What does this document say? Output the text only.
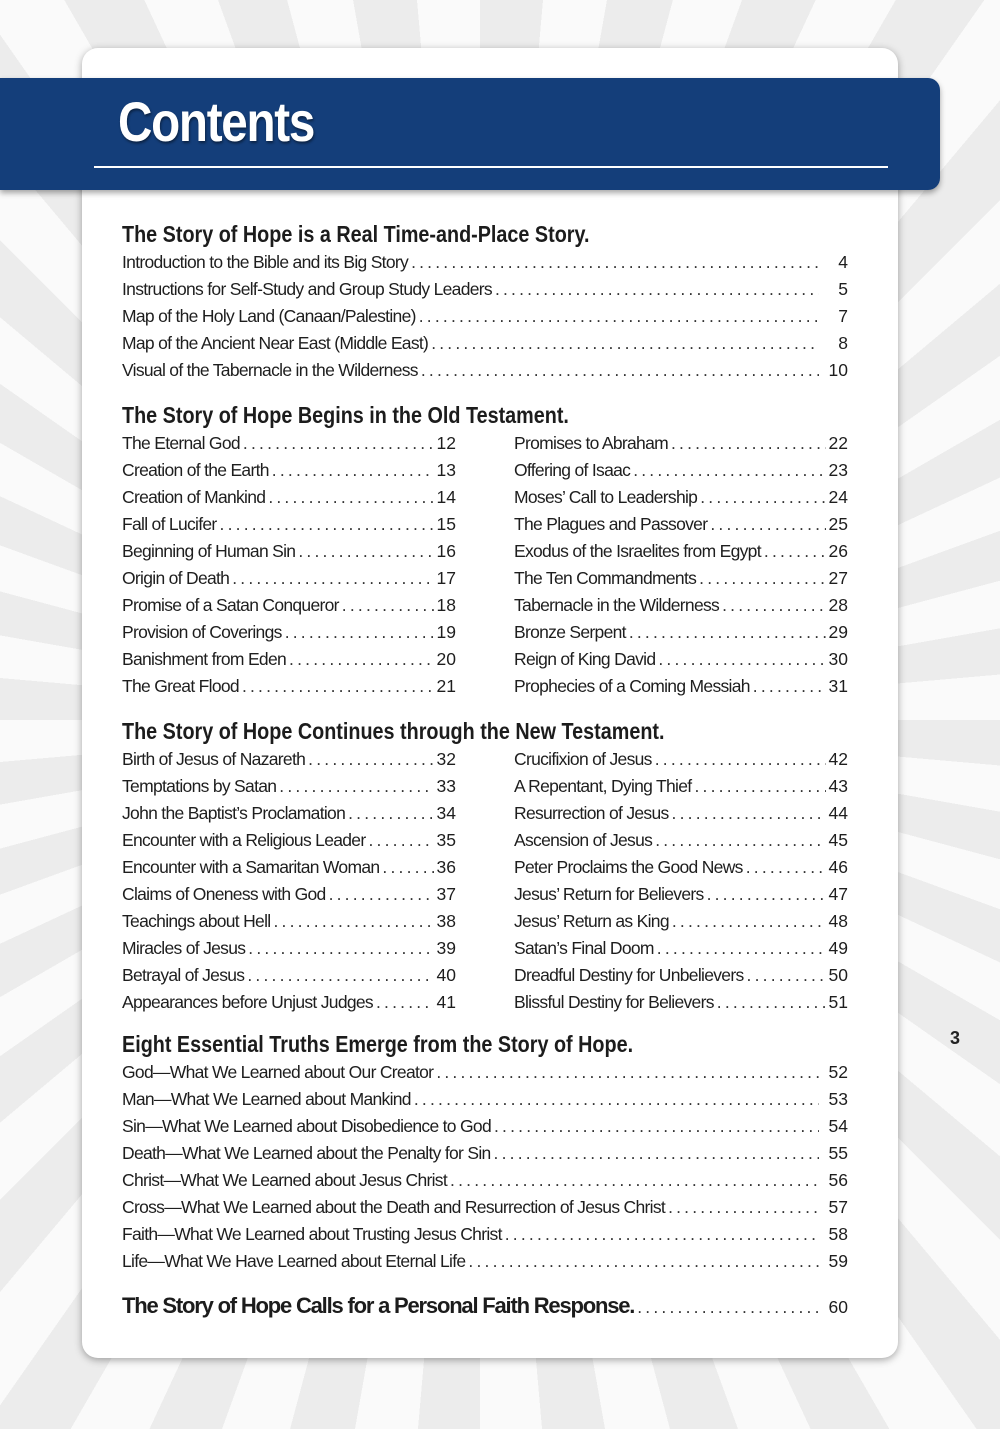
Contents
The Story of Hope is a Real Time-and-Place Story.
Introduction to the Bible and its Big Story .....	4
Instructions for Self-Study and Group Study Leaders .....	5
Map of the Holy Land (Canaan/Palestine) .....	7
Map of the Ancient Near East (Middle East) .....	8
Visual of the Tabernacle in the Wilderness .....	10
The Story of Hope Begins in the Old Testament.
The Eternal God .....	12
Creation of the Earth .....	13
Creation of Mankind .....	14
Fall of Lucifer .....	15
Beginning of Human Sin .....	16
Origin of Death .....	17
Promise of a Satan Conqueror .....	18
Provision of Coverings .....	19
Banishment from Eden .....	20
The Great Flood .....	21
Promises to Abraham .....	22
Offering of Isaac .....	23
Moses’ Call to Leadership .....	24
The Plagues and Passover .....	25
Exodus of the Israelites from Egypt .....	26
The Ten Commandments .....	27
Tabernacle in the Wilderness .....	28
Bronze Serpent .....	29
Reign of King David .....	30
Prophecies of a Coming Messiah .....	31
The Story of Hope Continues through the New Testament.
Birth of Jesus of Nazareth .....	32
Temptations by Satan .....	33
John the Baptist’s Proclamation .....	34
Encounter with a Religious Leader .....	35
Encounter with a Samaritan Woman .....	36
Claims of Oneness with God .....	37
Teachings about Hell .....	38
Miracles of Jesus .....	39
Betrayal of Jesus .....	40
Appearances before Unjust Judges .....	41
Crucifixion of Jesus .....	42
A Repentant, Dying Thief .....	43
Resurrection of Jesus .....	44
Ascension of Jesus .....	45
Peter Proclaims the Good News .....	46
Jesus’ Return for Believers .....	47
Jesus’ Return as King .....	48
Satan’s Final Doom .....	49
Dreadful Destiny for Unbelievers .....	50
Blissful Destiny for Believers .....	51
Eight Essential Truths Emerge from the Story of Hope.
God—What We Learned about Our Creator .....	52
Man—What We Learned about Mankind .....	53
Sin—What We Learned about Disobedience to God .....	54
Death—What We Learned about the Penalty for Sin .....	55
Christ—What We Learned about Jesus Christ .....	56
Cross—What We Learned about the Death and Resurrection of Jesus Christ .....	57
Faith—What We Learned about Trusting Jesus Christ .....	58
Life—What We Have Learned about Eternal Life .....	59
The Story of Hope Calls for a Personal Faith Response. .....	60
3
